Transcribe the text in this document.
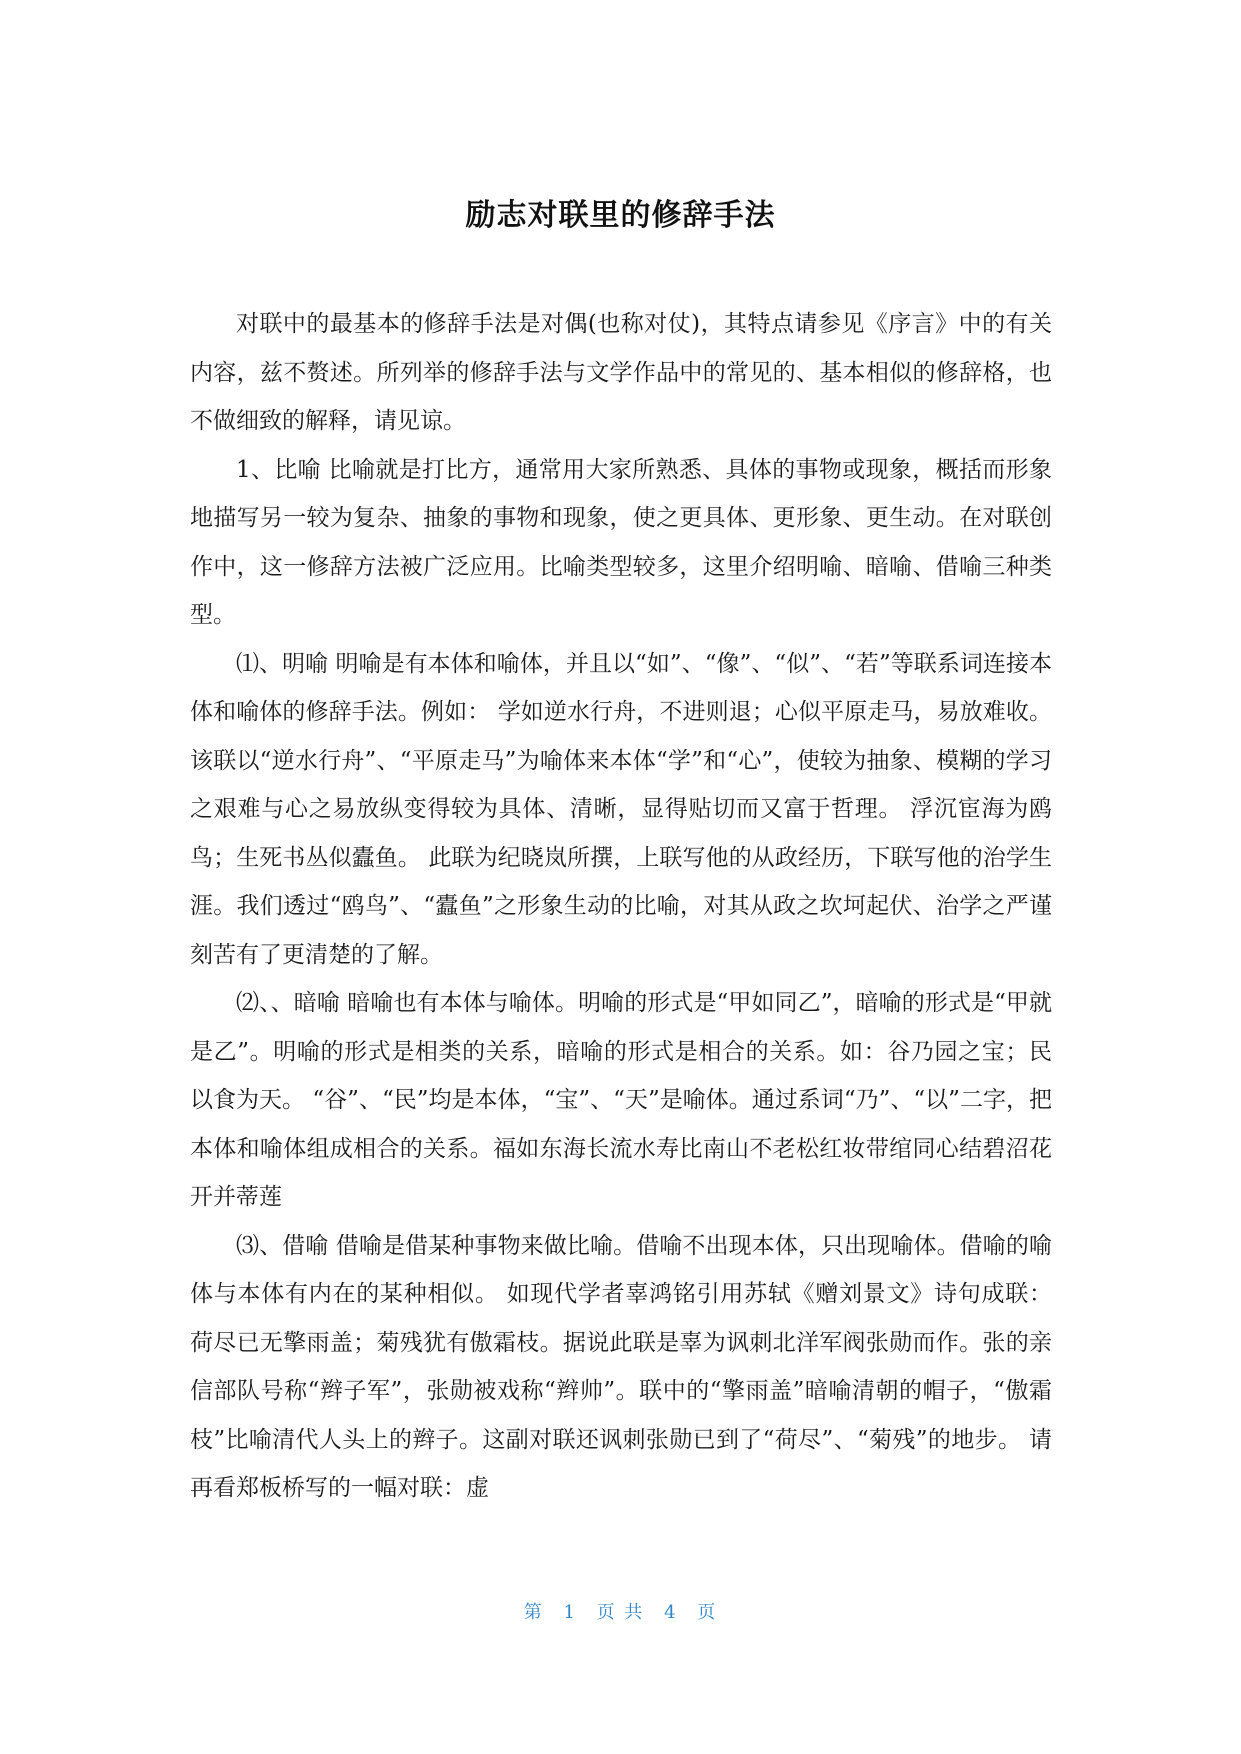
励志对联里的修辞手法

对联中的最基本的修辞手法是对偶(也称对仗)，其特点请参见《序言》中的有关内容，兹不赘述。所列举的修辞手法与文学作品中的常见的、基本相似的修辞格，也不做细致的解释，请见谅。

1、比喻 比喻就是打比方，通常用大家所熟悉、具体的事物或现象，概括而形象地描写另一较为复杂、抽象的事物和现象，使之更具体、更形象、更生动。在对联创作中，这一修辞方法被广泛应用。比喻类型较多，这里介绍明喻、暗喻、借喻三种类型。

⑴、明喻 明喻是有本体和喻体，并且以“如”、“像”、“似”、“若”等联系词连接本体和喻体的修辞手法。例如： 学如逆水行舟，不进则退；心似平原走马，易放难收。 该联以“逆水行舟”、“平原走马”为喻体来本体“学”和“心”，使较为抽象、模糊的学习之艰难与心之易放纵变得较为具体、清晰，显得贴切而又富于哲理。 浮沉宦海为鸥鸟；生死书丛似蠹鱼。 此联为纪晓岚所撰，上联写他的从政经历，下联写他的治学生涯。我们透过“鸥鸟”、“蠹鱼”之形象生动的比喻，对其从政之坎坷起伏、治学之严谨刻苦有了更清楚的了解。

⑵、、暗喻 暗喻也有本体与喻体。明喻的形式是“甲如同乙”，暗喻的形式是“甲就是乙”。明喻的形式是相类的关系，暗喻的形式是相合的关系。如：谷乃园之宝；民以食为天。 “谷”、“民”均是本体，“宝”、“天”是喻体。通过系词“乃”、“以”二字，把本体和喻体组成相合的关系。福如东海长流水寿比南山不老松红妆带绾同心结碧沼花开并蒂莲

⑶、借喻 借喻是借某种事物来做比喻。借喻不出现本体，只出现喻体。借喻的喻体与本体有内在的某种相似。 如现代学者辜鸿铭引用苏轼《赠刘景文》诗句成联： 荷尽已无擎雨盖；菊残犹有傲霜枝。据说此联是辜为讽刺北洋军阀张勋而作。张的亲信部队号称“辫子军”，张勋被戏称“辫帅”。联中的“擎雨盖”暗喻清朝的帽子，“傲霜枝”比喻清代人头上的辫子。这副对联还讽刺张勋已到了“荷尽”、“菊残”的地步。 请再看郑板桥写的一幅对联：虚

第 1 页 共 4 页
